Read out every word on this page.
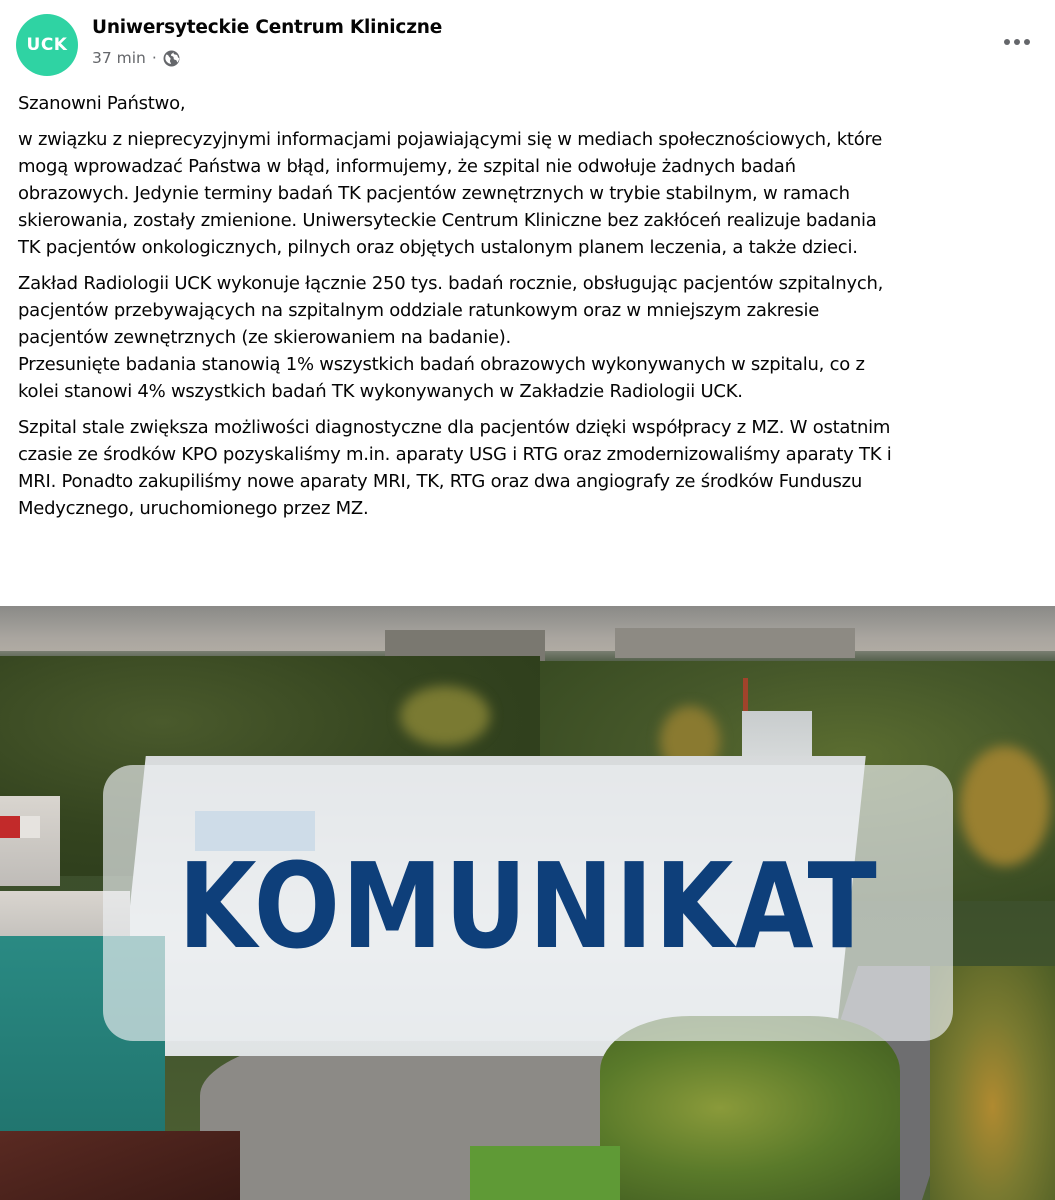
UCK
Uniwersyteckie Centrum Kliniczne
37 min ·

Szanowni Państwo,

w związku z nieprecyzyjnymi informacjami pojawiającymi się w mediach społecznościowych, które
mogą wprowadzać Państwa w błąd, informujemy, że szpital nie odwołuje żadnych badań
obrazowych. Jedynie terminy badań TK pacjentów zewnętrznych w trybie stabilnym, w ramach
skierowania, zostały zmienione. Uniwersyteckie Centrum Kliniczne bez zakłóceń realizuje badania
TK pacjentów onkologicznych, pilnych oraz objętych ustalonym planem leczenia, a także dzieci.

Zakład Radiologii UCK wykonuje łącznie 250 tys. badań rocznie, obsługując pacjentów szpitalnych,
pacjentów przebywających na szpitalnym oddziale ratunkowym oraz w mniejszym zakresie
pacjentów zewnętrznych (ze skierowaniem na badanie).
Przesunięte badania stanowią 1% wszystkich badań obrazowych wykonywanych w szpitalu, co z
kolei stanowi 4% wszystkich badań TK wykonywanych w Zakładzie Radiologii UCK.

Szpital stale zwiększa możliwości diagnostyczne dla pacjentów dzięki współpracy z MZ. W ostatnim
czasie ze środków KPO pozyskaliśmy m.in. aparaty USG i RTG oraz zmodernizowaliśmy aparaty TK i
MRI. Ponadto zakupiliśmy nowe aparaty MRI, TK, RTG oraz dwa angiografy ze środków Funduszu
Medycznego, uruchomionego przez MZ.

KOMUNIKAT
